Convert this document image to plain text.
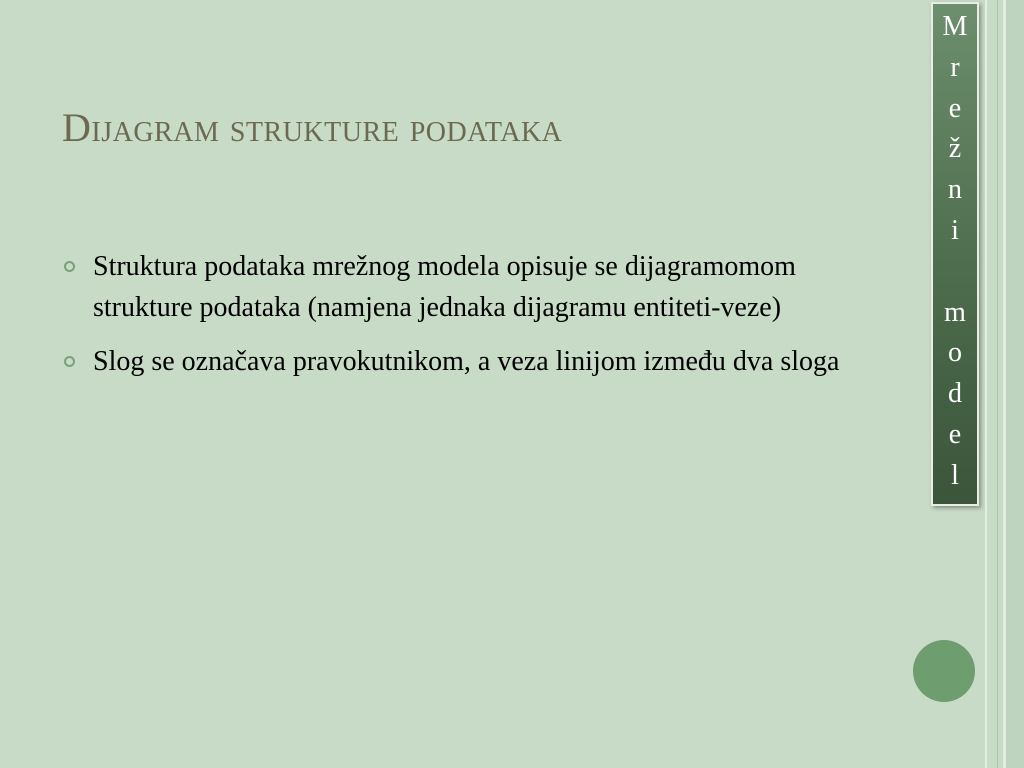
Dijagram strukture podataka
Struktura podataka mrežnog modela opisuje se dijagramomom strukture podataka (namjena jednaka dijagramu entiteti-veze)
Slog se označava pravokutnikom, a veza linijom između dva sloga
M
r
e
ž
n
i

m
o
d
e
l
